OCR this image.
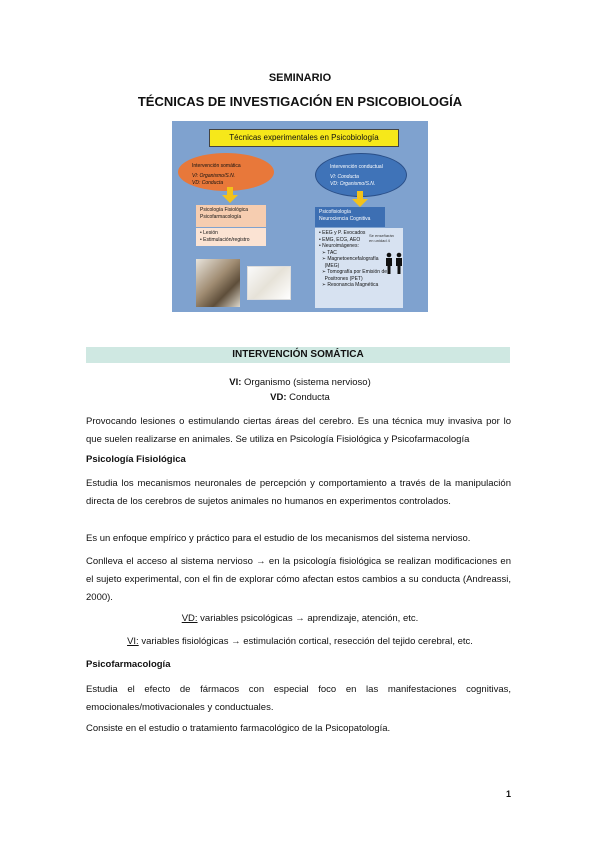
SEMINARIO
TÉCNICAS DE INVESTIGACIÓN EN PSICOBIOLOGÍA
Técnicas experimentales en Psicobiología
Intervención somática
VI: Organismo/S.N.
VD: Conducta
Intervención conductual
VI: Conducta
VD: Organismo/S.N.
Psicología Fisiológica
Psicofarmacología
• Lesión
• Estimulación/registro
Psicofisiología
Neurociencia Cognitiva
• EEG y P. Evocados
• EMG, ECG, AEO
• Neuroimágenes:
➢ TAC
➢ Magnetoencefalografía
(MEG)
➢ Tomografía por Emisión de
Positrones (PET)
➢ Resonancia Magnética
Se enseñarán
en unidad 4
INTERVENCIÓN SOMÁTICA
VI: Organismo (sistema nervioso)
VD: Conducta

Provocando lesiones o estimulando ciertas áreas del cerebro. Es una técnica muy invasiva por lo que suelen realizarse en animales. Se utiliza en Psicología Fisiológica y Psicofarmacología

Psicología Fisiológica

Estudia los mecanismos neuronales de percepción y comportamiento a través de la manipulación directa de los cerebros de sujetos animales no humanos en experimentos controlados.

Es un enfoque empírico y práctico para el estudio de los mecanismos del sistema nervioso.

Conlleva el acceso al sistema nervioso → en la psicología fisiológica se realizan modificaciones en el sujeto experimental, con el fin de explorar cómo afectan estos cambios a su conducta (Andreassi, 2000).

VD: variables psicológicas → aprendizaje, atención, etc.
VI: variables fisiológicas → estimulación cortical, resección del tejido cerebral, etc.
Psicofarmacología

Estudia el efecto de fármacos con especial foco en las manifestaciones cognitivas, emocionales/motivacionales y conductuales.

Consiste en el estudio o tratamiento farmacológico de la Psicopatología.

1
